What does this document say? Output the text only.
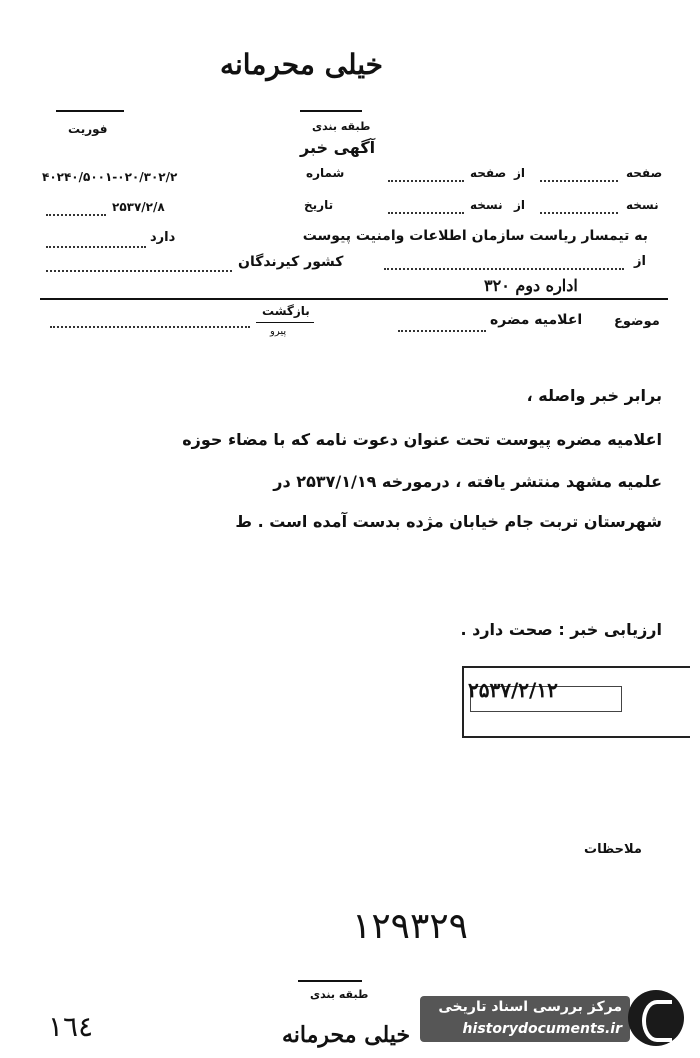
خیلی محرمانه
فوریت	طبقه بندی
آگهی خبر
صفحه
از
صفحه
شماره
۴۰۲۴۰/۵۰۰۱-۰۲۰/۳۰۲/۲
نسخه
از
نسخه
تاریخ
۲۵۳۷/۲/۸
به تیمسار ریاست سازمان اطلاعات وامنیت پیوست
دارد
از
کشور کیرندگان
اداره دوم ۳۲۰
بازگشت
پیرو
موضوع
اعلامیه مضره
برابر خبر واصله ،
اعلامیه مضره پیوست تحت عنوان دعوت نامه که با مضاء حوزه
علمیه مشهد منتشر یافته ، درمورخه ۲۵۳۷/۱/۱۹ در
شهرستان تربت جام خیابان مژده بدست آمده است . ط
ارزیابی خبر : صحت دارد .
۲۵۳۷/۲/۱۲
ملاحظات
۱۲۹۳۲۹
طبقه بندی
خیلی محرمانه
۱٦٤
مرکز بررسی اسناد تاریخی
historydocuments.ir
